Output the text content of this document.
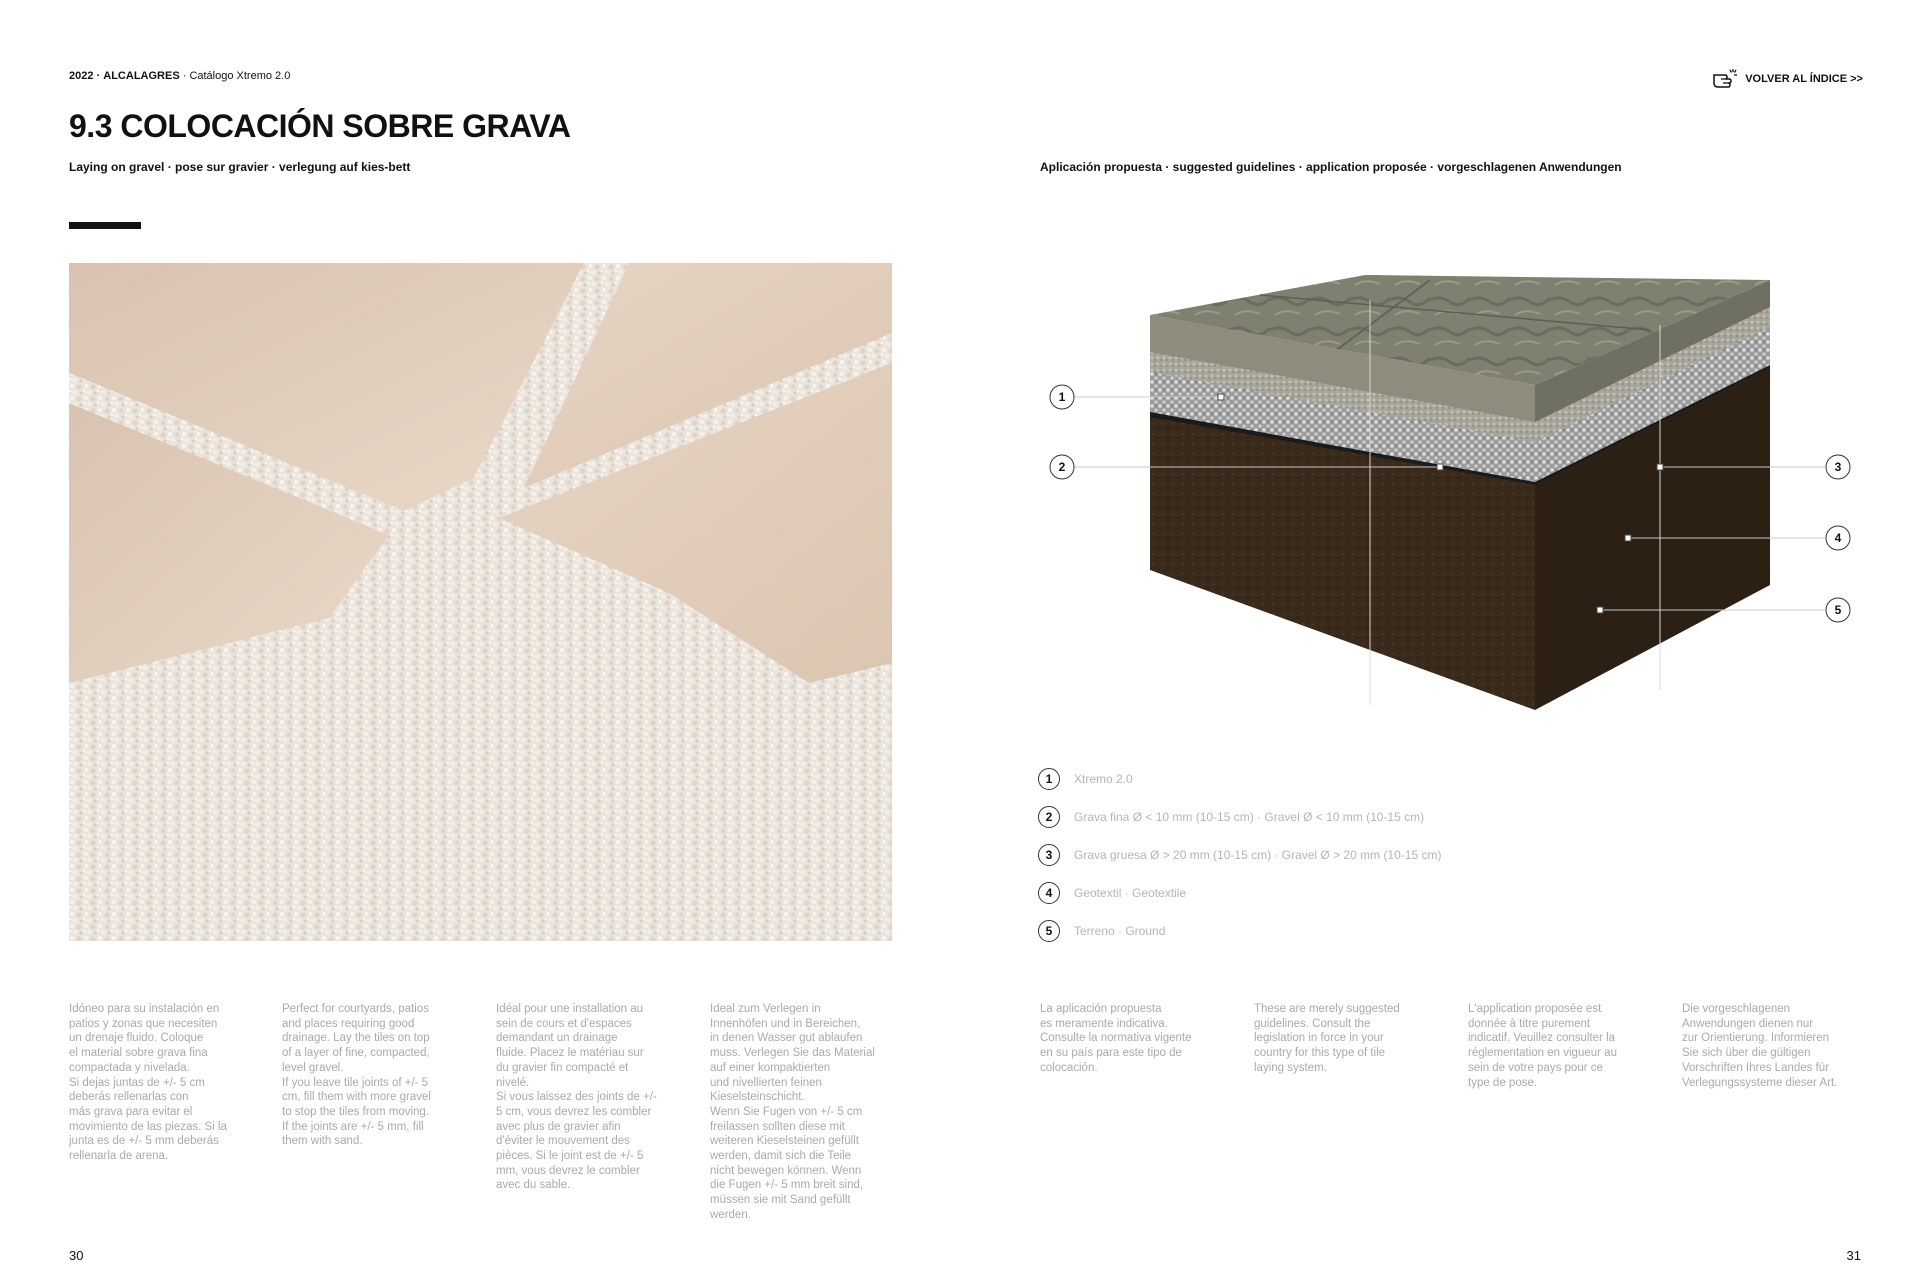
2022 · ALCALAGRES · Catálogo Xtremo 2.0	VOLVER AL ÍNDICE >>
9.3 COLOCACIÓN SOBRE GRAVA
Laying on gravel · pose sur gravier · verlegung auf kies-bett	Aplicación propuesta · suggested guidelines · application proposée · vorgeschlagenen Anwendungen
1
2	3
4
5
1	Xtremo 2.0
2	Grava fina Ø < 10 mm (10-15 cm) · Gravel Ø < 10 mm (10-15 cm)
3	Grava gruesa Ø > 20 mm (10-15 cm) · Gravel Ø > 20 mm (10-15 cm)
4	Geotextil · Geotextile
5	Terreno · Ground
Idóneo para su instalación en
patios y zonas que necesiten
un drenaje fluido. Coloque
el material sobre grava fina
compactada y nivelada.
Si dejas juntas de +/- 5 cm
deberás rellenarlas con
más grava para evitar el
movimiento de las piezas. Si la
junta es de +/- 5 mm deberás
rellenarla de arena.
Perfect for courtyards, patios
and places requiring good
drainage. Lay the tiles on top
of a layer of fine, compacted,
level gravel.
If you leave tile joints of +/- 5
cm, fill them with more gravel
to stop the tiles from moving.
If the joints are +/- 5 mm, fill
them with sand.
Idéal pour une installation au
sein de cours et d'espaces
demandant un drainage
fluide. Placez le matériau sur
du gravier fin compacté et
nivelé.
Si vous laissez des joints de +/-
5 cm, vous devrez les combler
avec plus de gravier afin
d'éviter le mouvement des
pièces. Si le joint est de +/- 5
mm, vous devrez le combler
avec du sable.
Ideal zum Verlegen in
Innenhöfen und in Bereichen,
in denen Wasser gut ablaufen
muss. Verlegen Sie das Material
auf einer kompaktierten
und nivellierten feinen
Kieselsteinschicht.
Wenn Sie Fugen von +/- 5 cm
freilassen sollten diese mit
weiteren Kieselsteinen gefüllt
werden, damit sich die Teile
nicht bewegen können. Wenn
die Fugen +/- 5 mm breit sind,
müssen sie mit Sand gefüllt
werden.
La aplicación propuesta
es meramente indicativa.
Consulte la normativa vigente
en su país para este tipo de
colocación.
These are merely suggested
guidelines. Consult the
legislation in force in your
country for this type of tile
laying system.
L'application proposée est
donnée à titre purement
indicatif. Veuillez consulter la
réglementation en vigueur au
sein de votre pays pour ce
type de pose.
Die vorgeschlagenen
Anwendungen dienen nur
zur Orientierung. Informieren
Sie sich über die gültigen
Vorschriften Ihres Landes für
Verlegungssysteme dieser Art.
30	31
